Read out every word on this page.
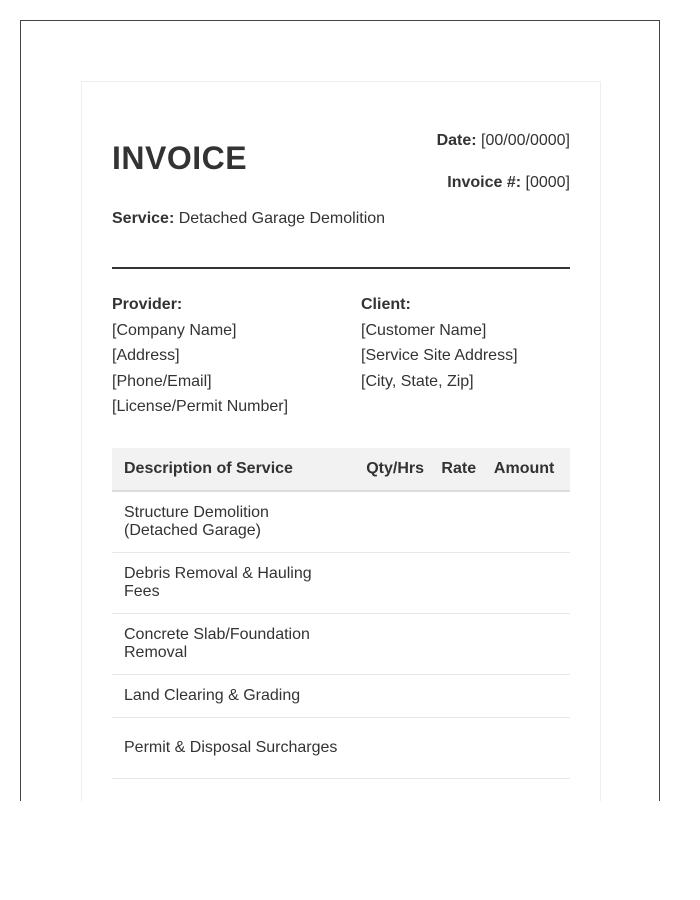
INVOICE	Date: [00/00/0000]
Invoice #: [0000]
Service: Detached Garage Demolition
Provider:
[Company Name]
[Address]
[Phone/Email]
[License/Permit Number]
Client:
[Customer Name]
[Service Site Address]
[City, State, Zip]
Description of Service	Qty/Hrs	Rate	Amount
Structure Demolition (Detached Garage)			
Debris Removal & Hauling Fees			
Concrete Slab/Foundation Removal			
Land Clearing & Grading			
Permit & Disposal Surcharges			
